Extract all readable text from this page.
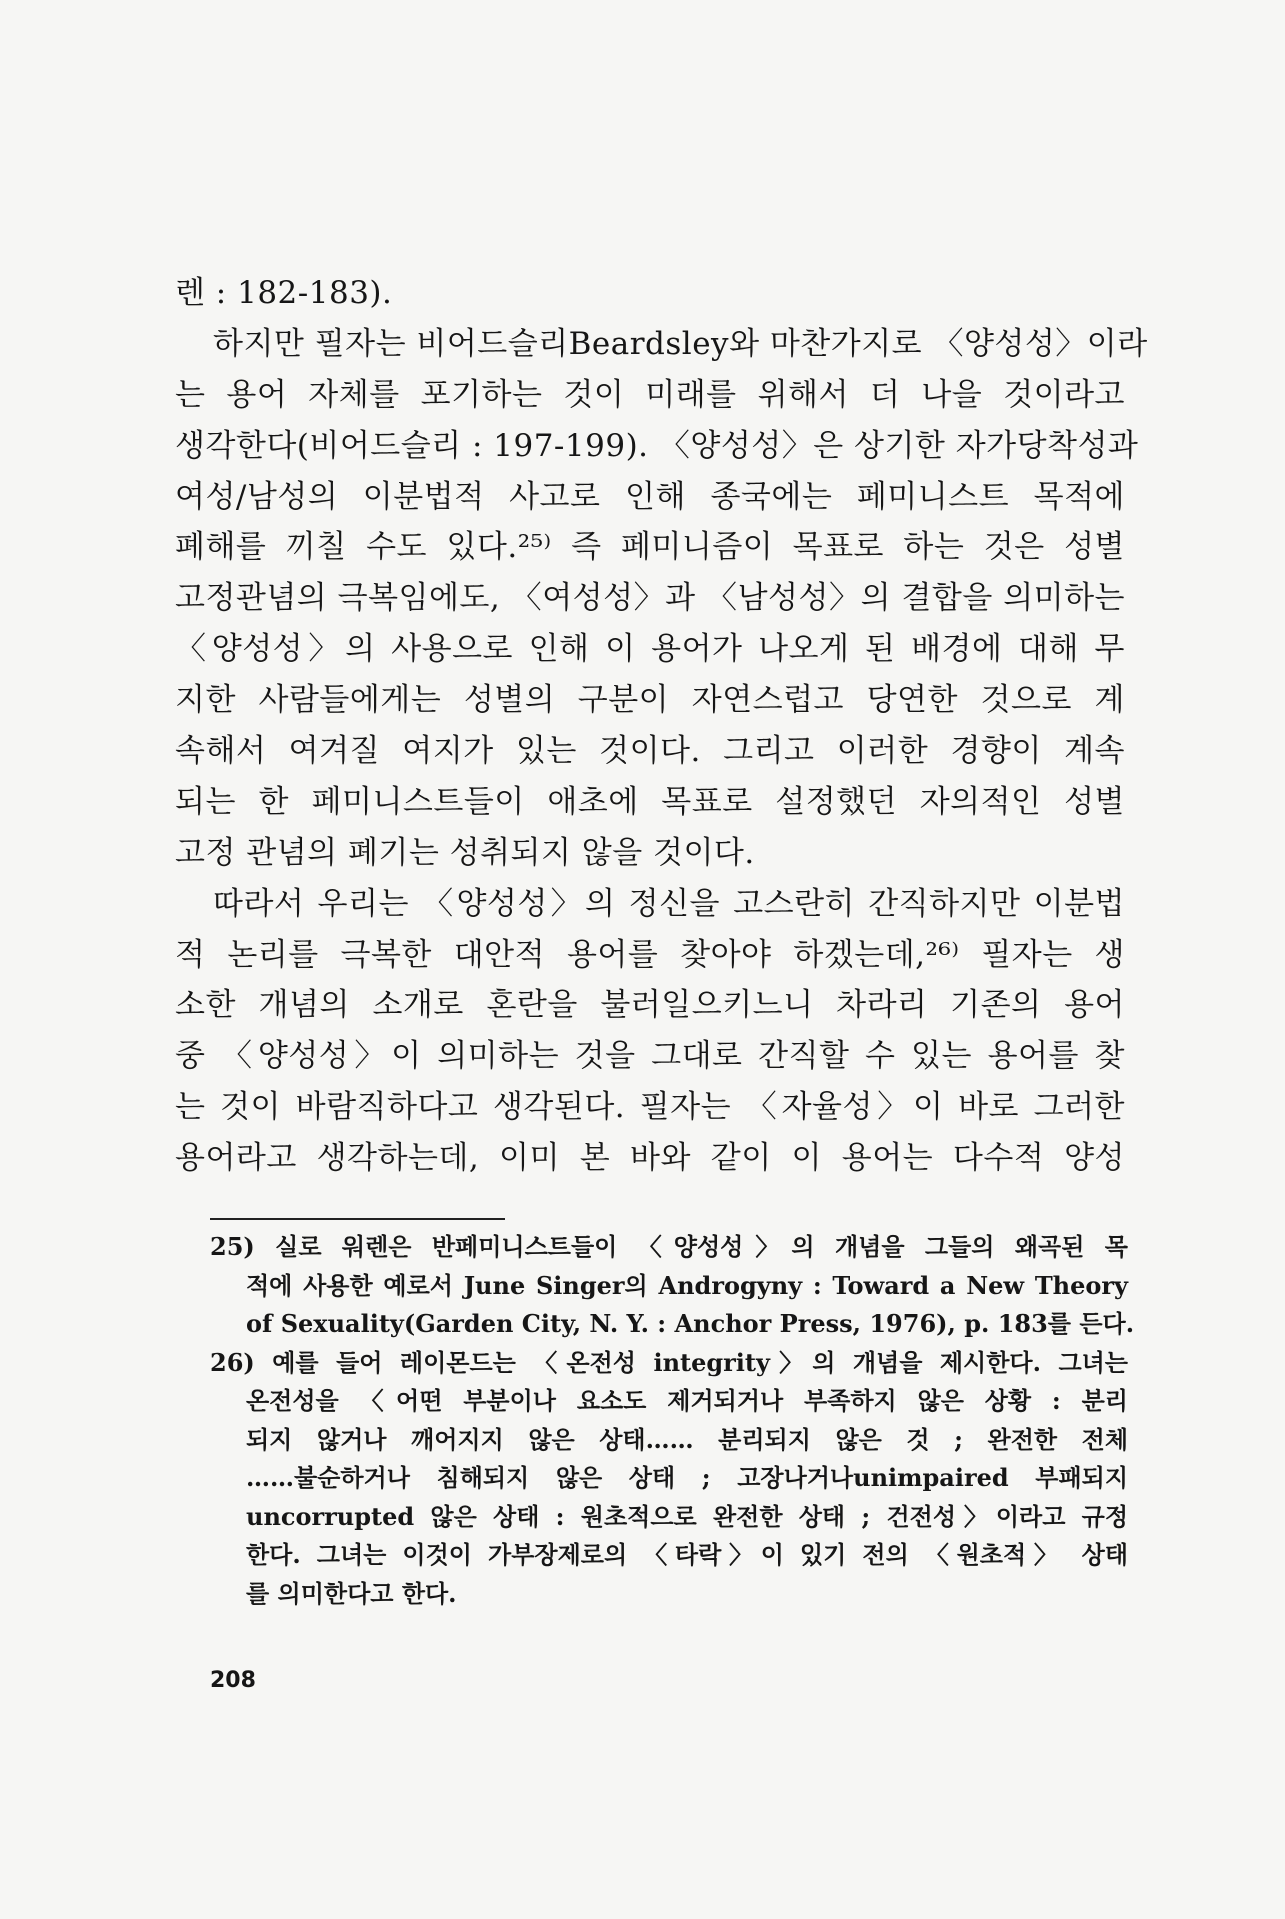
렌 : 182-183).
하지만 필자는 비어드슬리Beardsley와 마찬가지로 〈양성성〉이라
는 용어 자체를 포기하는 것이 미래를 위해서 더 나을 것이라고
생각한다(비어드슬리 : 197-199). 〈양성성〉은 상기한 자가당착성과
여성/남성의 이분법적 사고로 인해 종국에는 페미니스트 목적에
폐해를 끼칠 수도 있다.²⁵⁾ 즉 페미니즘이 목표로 하는 것은 성별
고정관념의 극복임에도, 〈여성성〉과 〈남성성〉의 결합을 의미하는
〈양성성〉의 사용으로 인해 이 용어가 나오게 된 배경에 대해 무
지한 사람들에게는 성별의 구분이 자연스럽고 당연한 것으로 계
속해서 여겨질 여지가 있는 것이다. 그리고 이러한 경향이 계속
되는 한 페미니스트들이 애초에 목표로 설정했던 자의적인 성별
고정 관념의 폐기는 성취되지 않을 것이다.
따라서 우리는 〈양성성〉의 정신을 고스란히 간직하지만 이분법
적 논리를 극복한 대안적 용어를 찾아야 하겠는데,²⁶⁾ 필자는 생
소한 개념의 소개로 혼란을 불러일으키느니 차라리 기존의 용어
중 〈양성성〉이 의미하는 것을 그대로 간직할 수 있는 용어를 찾
는 것이 바람직하다고 생각된다. 필자는 〈자율성〉이 바로 그러한
용어라고 생각하는데, 이미 본 바와 같이 이 용어는 다수적 양성
25) 실로 워렌은 반페미니스트들이 〈양성성〉의 개념을 그들의 왜곡된 목
적에 사용한 예로서 June Singer의 Androgyny : Toward a New Theory
of Sexuality(Garden City, N. Y. : Anchor Press, 1976), p. 183를 든다.
26) 예를 들어 레이몬드는 〈온전성 integrity〉의 개념을 제시한다. 그녀는
온전성을 〈어떤 부분이나 요소도 제거되거나 부족하지 않은 상황 : 분리
되지 않거나 깨어지지 않은 상태…… 분리되지 않은 것 ; 완전한 전체
……불순하거나 침해되지 않은 상태 ; 고장나거나unimpaired 부패되지
uncorrupted 않은 상태 : 원초적으로 완전한 상태 ; 건전성〉이라고 규정
한다. 그녀는 이것이 가부장제로의 〈타락〉이 있기 전의 〈원초적〉 상태
를 의미한다고 한다.
208
